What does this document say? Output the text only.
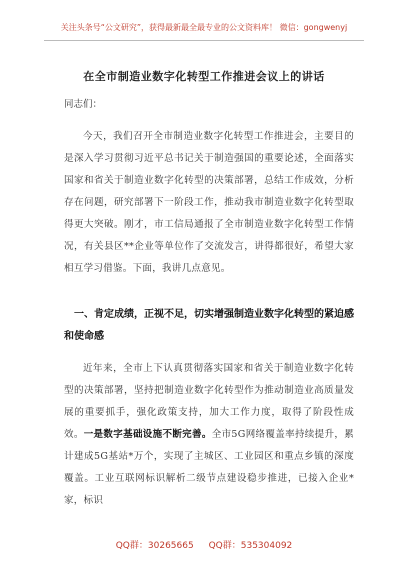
关注头条号“公文研究”，获得最新最全最专业的公文资料库！ 微信：gongwenyj
在全市制造业数字化转型工作推进会议上的讲话
同志们：
今天，我们召开全市制造业数字化转型工作推进会，主要目的是深入学习贯彻习近平总书记关于制造强国的重要论述，全面落实国家和省关于制造业数字化转型的决策部署，总结工作成效，分析存在问题，研究部署下一阶段工作，推动我市制造业数字化转型取得更大突破。刚才，市工信局通报了全市制造业数字化转型工作情况，有关县区**企业等单位作了交流发言，讲得都很好，希望大家相互学习借鉴。下面，我讲几点意见。
一、肯定成绩，正视不足，切实增强制造业数字化转型的紧迫感和使命感
近年来，全市上下认真贯彻落实国家和省关于制造业数字化转型的决策部署，坚持把制造业数字化转型作为推动制造业高质量发展的重要抓手，强化政策支持，加大工作力度，取得了阶段性成效。一是数字基础设施不断完善。全市5G网络覆盖率持续提升，累计建成5G基站*万个，实现了主城区、工业园区和重点乡镇的深度覆盖。工业互联网标识解析二级节点建设稳步推进，已接入企业*家，标识
QQ群：30265665 QQ群：535304092
